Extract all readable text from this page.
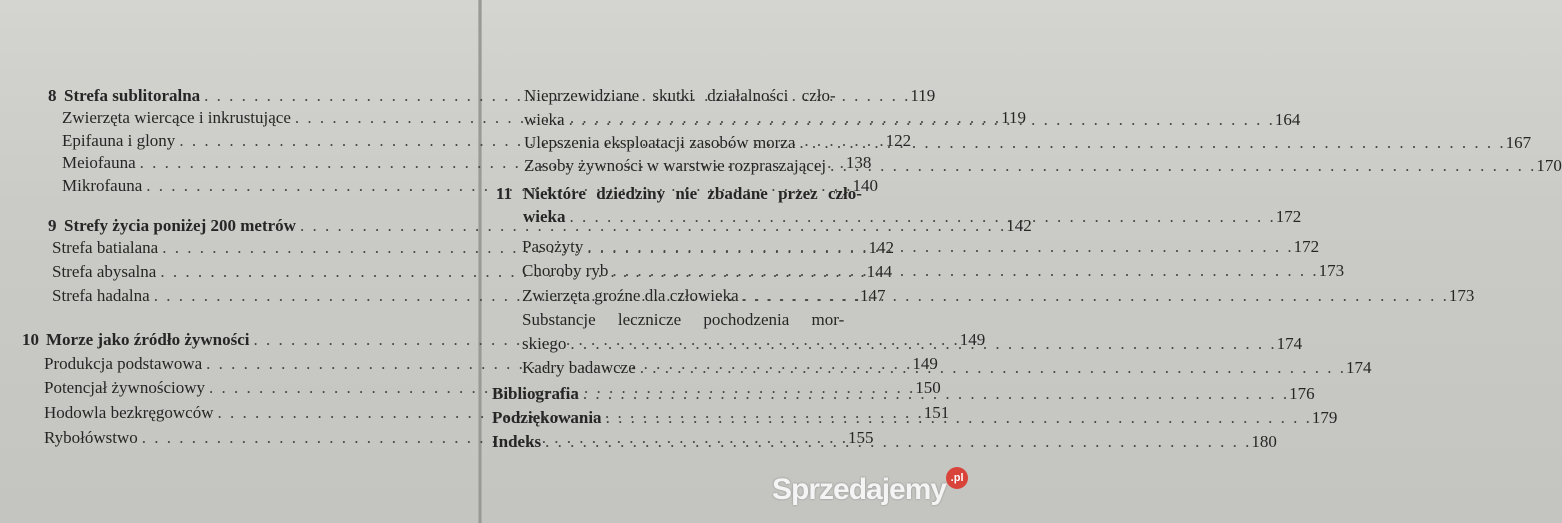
8 Strefa sublitoralna . . .	119
Zwierzęta wiercące i inkrustujące . . .	119
Epifauna i glony . . .	122
Meiofauna . . .	138
Mikrofauna . . .	140
9 Strefy życia poniżej 200 metrów . . .	142
Strefa batialana . . .	142
Strefa abysalna . . .	144
Strefa hadalna . . .	147
10 Morze jako źródło żywności . . .	149
Produkcja podstawowa . . .	149
Potencjał żywnościowy . . .	150
Hodowla bezkręgowców . . .	151
Rybołówstwo . . .	155
Nieprzewidziane skutki działalności czło-
wieka . . .	164
Ulepszenia eksploatacji zasobów morza . . .	167
Zasoby żywności w warstwie rozpraszającej . . .	170
11 Niektóre dziedziny nie zbadane przez czło-
wieka . . .	172
Pasożyty . . .	172
Choroby ryb . . .	173
Zwierzęta groźne dla człowieka . . .	173
Substancje lecznicze pochodzenia mor-
skiego . . .	174
Kadry badawcze . . .	174
Bibliografia . . .	176
Podziękowania . . .	179
Indeks . . .	180
Sprzedajemy .pl
